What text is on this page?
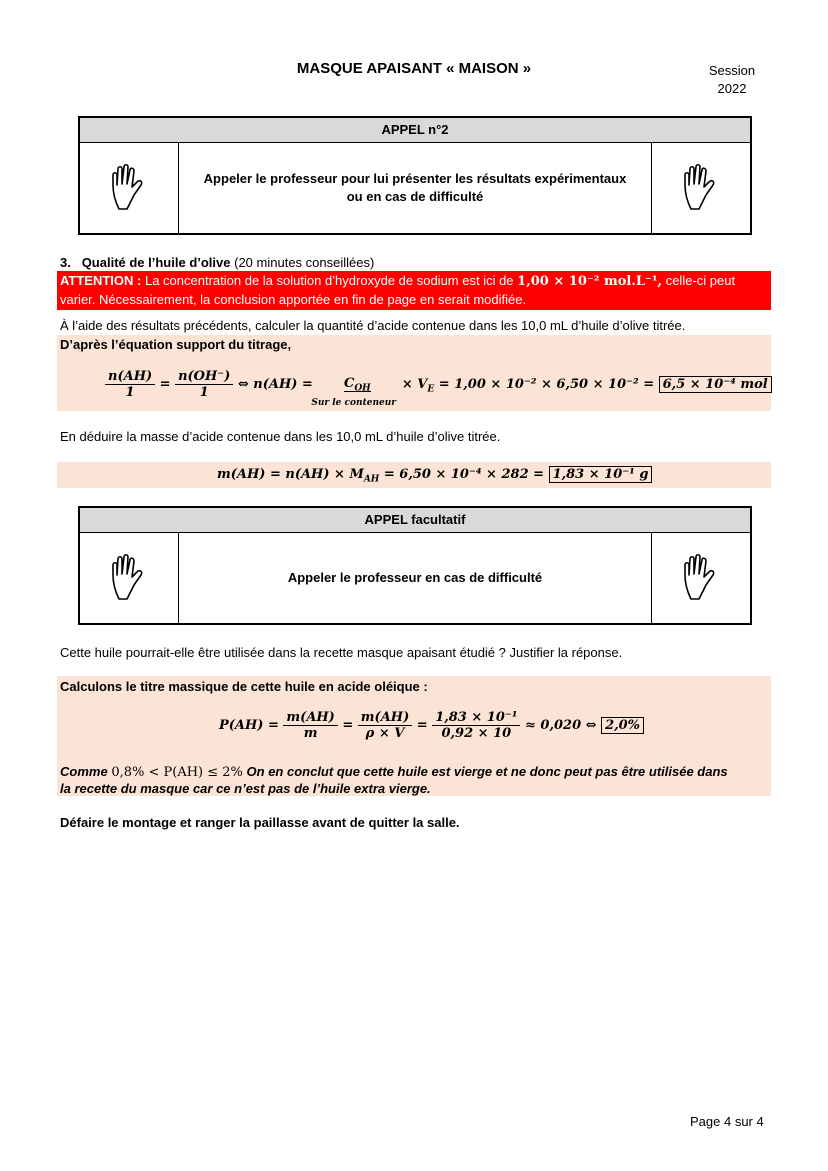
MASQUE APAISANT « MAISON »	Session
2022
APPEL n°2
Appeler le professeur pour lui présenter les résultats expérimentaux
ou en cas de difficulté
3. Qualité de l’huile d’olive (20 minutes conseillées)
ATTENTION : La concentration de la solution d’hydroxyde de sodium est ici de 1,00 × 10⁻² mol.L⁻¹, celle-ci peut
varier. Nécessairement, la conclusion apportée en fin de page en serait modifiée.
À l’aide des résultats précédents, calculer la quantité d’acide contenue dans les 10,0 mL d’huile d’olive titrée.
D’après l’équation support du titrage,
$\frac{n(AH)}{1} = \frac{n(OH^-)}{1}$ ⇔ $n(AH) = C_{OH}$
Sur le conteneur
× $V_E = 1,00 \times 10^{-2} \times 6,50 \times 10^{-2} = 6,5 \times 10^{-4}$ mol
En déduire la masse d’acide contenue dans les 10,0 mL d’huile d’olive titrée.
$m(AH) = n(AH) \times M_{AH} = 6,50 \times 10^{-4} \times 282 = 1,83 \times 10^{-1}$ g
APPEL facultatif
Appeler le professeur en cas de difficulté
Cette huile pourrait-elle être utilisée dans la recette masque apaisant étudié ? Justifier la réponse.
Calculons le titre massique de cette huile en acide oléique :
$P(AH) = \frac{m(AH)}{m} = \frac{m(AH)}{\rho \times V} = \frac{\text{1,83 × 10⁻¹}}{0,92 \times 10} \approx 0,020$ ⇔ 2,0%
Comme 0,8% < P(AH) ≤ 2% On en conclut que cette huile est vierge et ne donc peut pas être utilisée dans
la recette du masque car ce n’est pas de l’huile extra vierge.
Défaire le montage et ranger la paillasse avant de quitter la salle.
Page 4 sur 4
